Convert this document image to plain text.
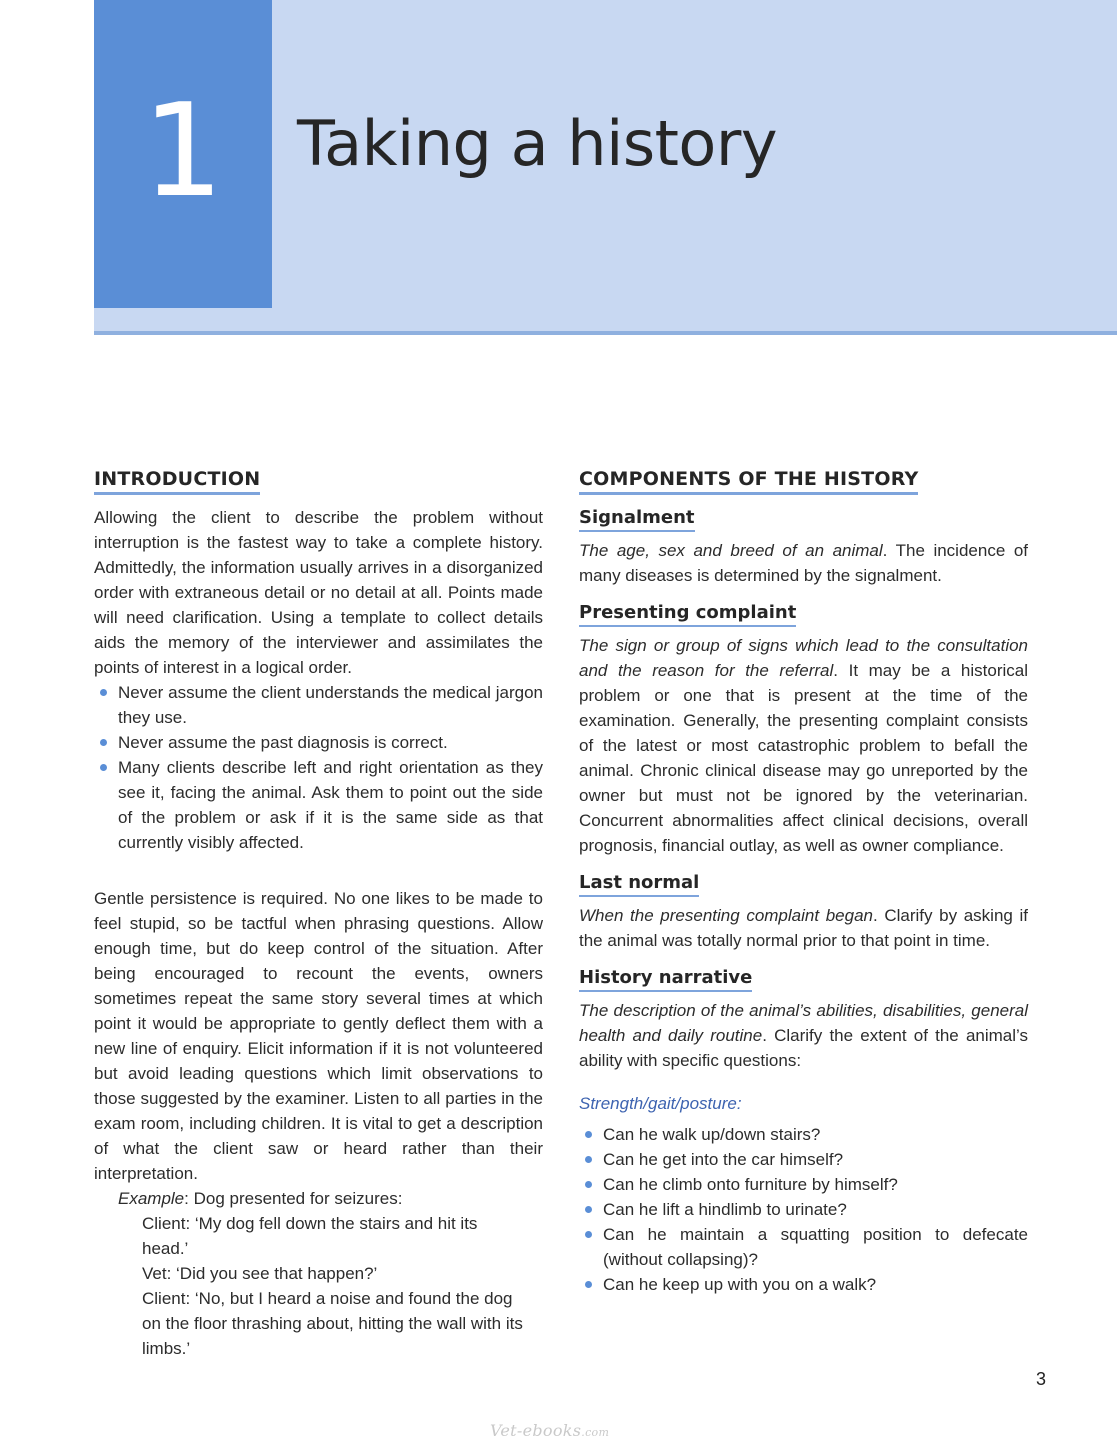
1	Taking a history
INTRODUCTION

Allowing the client to describe the problem without interruption is the fastest way to take a complete history. Admittedly, the information usually arrives in a disorganized order with extraneous detail or no detail at all. Points made will need clarification. Using a template to collect details aids the memory of the interviewer and assimilates the points of interest in a logical order.

Never assume the client understands the medical jargon they use.
Never assume the past diagnosis is correct.
Many clients describe left and right orientation as they see it, facing the animal. Ask them to point out the side of the problem or ask if it is the same side as that currently visibly affected.

Gentle persistence is required. No one likes to be made to feel stupid, so be tactful when phrasing questions. Allow enough time, but do keep control of the situation. After being encouraged to recount the events, owners sometimes repeat the same story several times at which point it would be appropriate to gently deflect them with a new line of enquiry. Elicit information if it is not volunteered but avoid leading questions which limit observations to those suggested by the examiner. Listen to all parties in the exam room, including children. It is vital to get a description of what the client saw or heard rather than their interpretation.

Example: Dog presented for seizures:
Client: ‘My dog fell down the stairs and hit its head.’
Vet: ‘Did you see that happen?’
Client: ‘No, but I heard a noise and found the dog on the floor thrashing about, hitting the wall with its limbs.’
COMPONENTS OF THE HISTORY
Signalment

The age, sex and breed of an animal. The incidence of many diseases is determined by the signalment.

Presenting complaint

The sign or group of signs which lead to the consultation and the reason for the referral. It may be a historical problem or one that is present at the time of the examination. Generally, the presenting complaint consists of the latest or most catastrophic problem to befall the animal. Chronic clinical disease may go unreported by the owner but must not be ignored by the veterinarian. Concurrent abnormalities affect clinical decisions, overall prognosis, financial outlay, as well as owner compliance.

Last normal

When the presenting complaint began. Clarify by asking if the animal was totally normal prior to that point in time.

History narrative

The description of the animal’s abilities, disabilities, general health and daily routine. Clarify the extent of the animal’s ability with specific questions:

Strength/gait/posture:
Can he walk up/down stairs?
Can he get into the car himself?
Can he climb onto furniture by himself?
Can he lift a hindlimb to urinate?
Can he maintain a squatting position to defecate (without collapsing)?
Can he keep up with you on a walk?
3
Vet-ebooks.com
